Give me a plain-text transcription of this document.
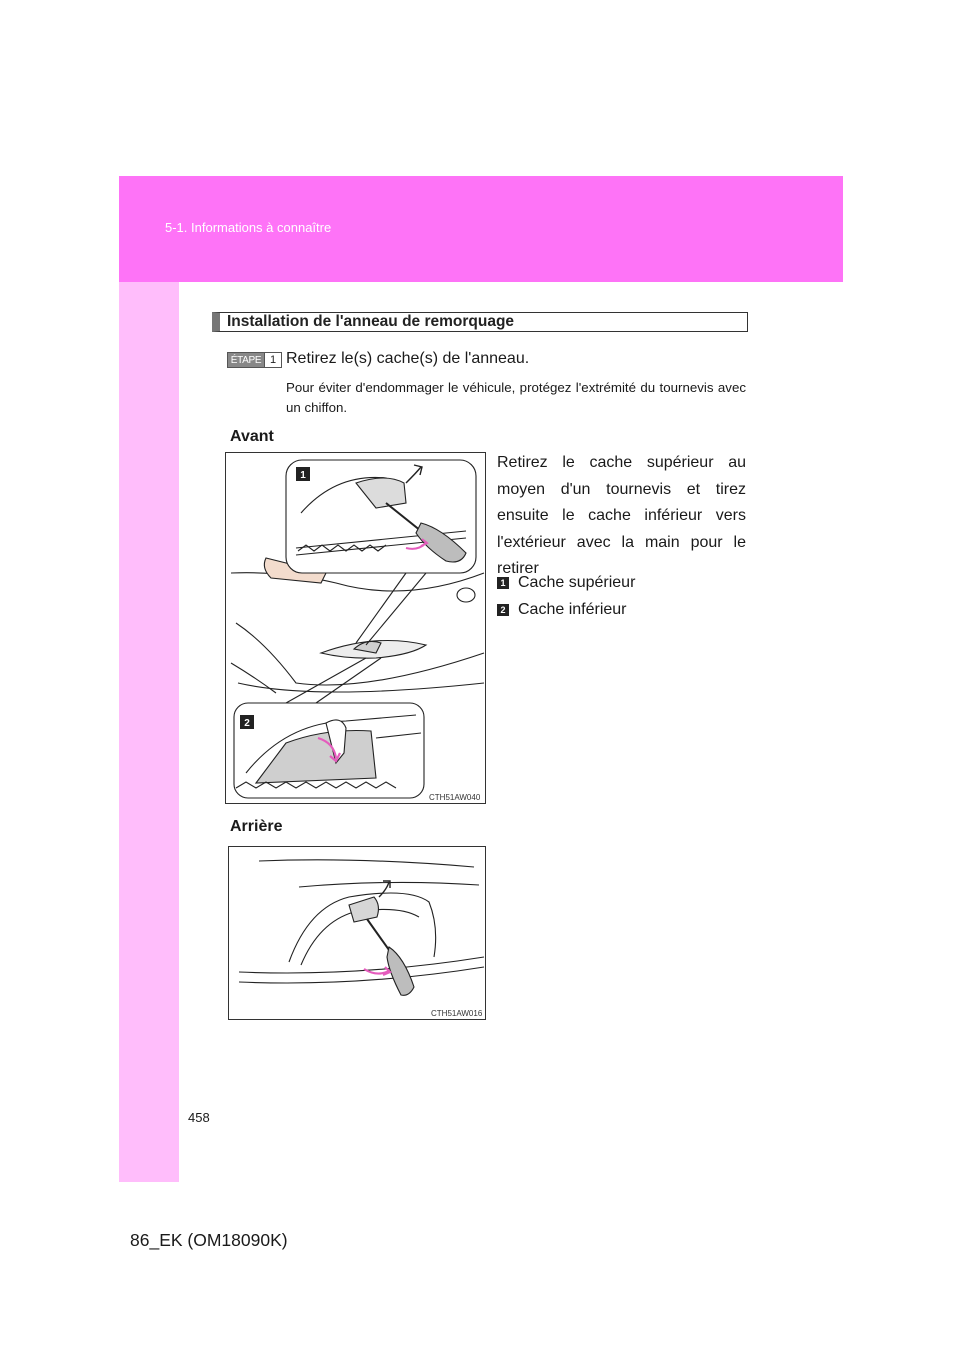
5-1. Informations à connaître
Installation de l'anneau de remorquage
ÉTAPE 1 Retirez le(s) cache(s) de l'anneau.
Pour éviter d'endommager le véhicule, protégez l'extrémité du tournevis avec un chiffon.
Avant
1
2
CTH51AW040
Retirez le cache supérieur au moyen d'un tournevis et tirez ensuite le cache inférieur vers l'extérieur avec la main pour le retirer
1 Cache supérieur
2 Cache inférieur
Arrière
CTH51AW016
458
86_EK (OM18090K)
